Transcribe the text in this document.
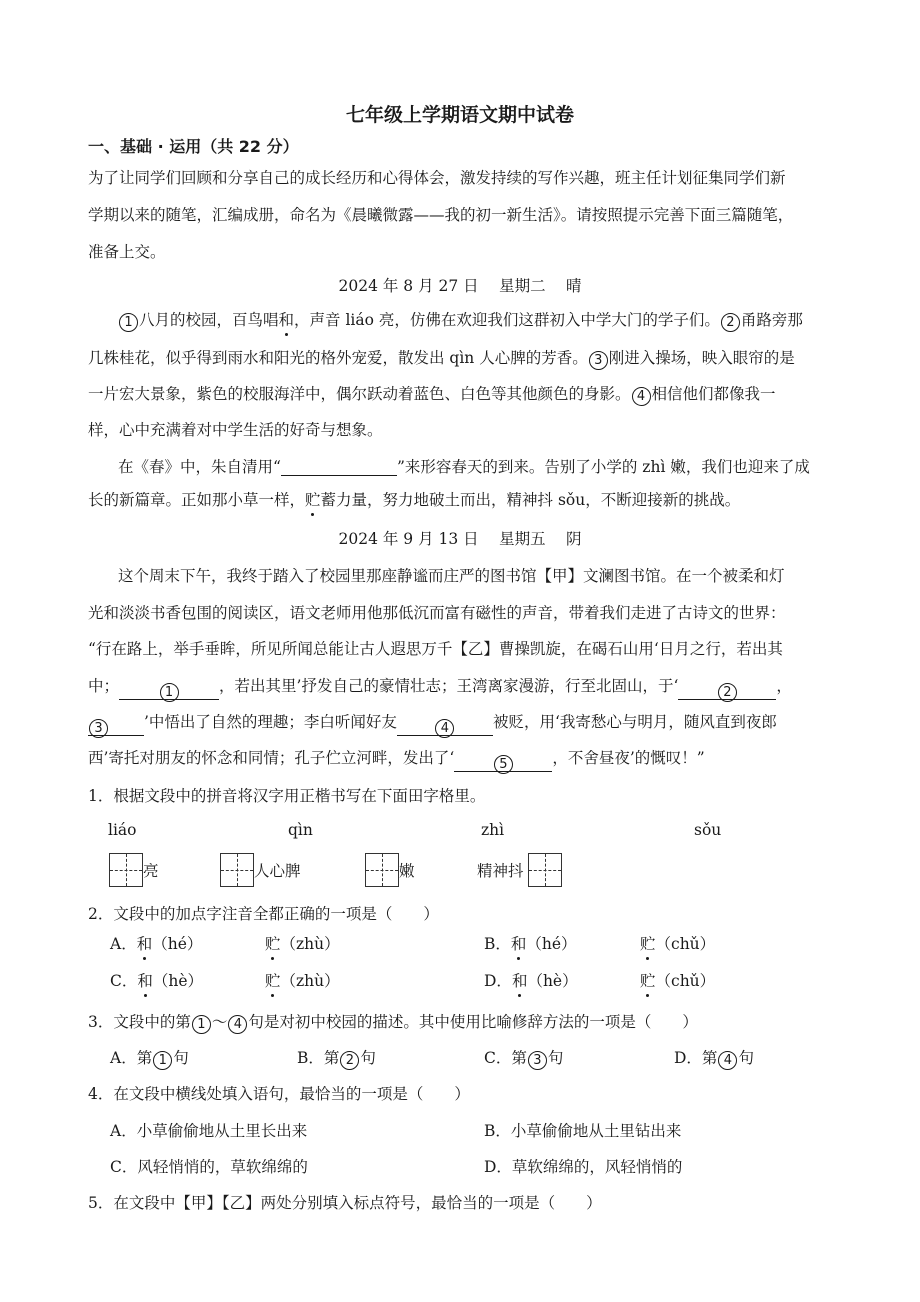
七年级上学期语文期中试卷
一、基础 · 运用（共 22 分）
为了让同学们回顾和分享自己的成长经历和心得体会，激发持续的写作兴趣，班主任计划征集同学们新
学期以来的随笔，汇编成册，命名为《晨曦微露——我的初一新生活》。请按照提示完善下面三篇随笔，
准备上交。
2024 年 8 月 27 日　 星期二　 晴
1 八月的校园，百鸟唱和，声音 liáo 亮，仿佛在欢迎我们这群初入中学大门的学子们。 2 甬路旁那
几株桂花，似乎得到雨水和阳光的格外宠爱，散发出 qìn 人心脾的芳香。 3 刚进入操场，映入眼帘的是
一片宏大景象，紫色的校服海洋中，偶尔跃动着蓝色、白色等其他颜色的身影。 4 相信他们都像我一
样，心中充满着对中学生活的好奇与想象。
在《春》中，朱自清用“	”来形容春天的到来。告别了小学的 zhì 嫩，我们也迎来了成
长的新篇章。正如那小草一样，贮蓄力量，努力地破土而出，精神抖 sǒu，不断迎接新的挑战。
2024 年 9 月 13 日　 星期五　 阴
这个周末下午，我终于踏入了校园里那座静谧而庄严的图书馆【甲】文澜图书馆。在一个被柔和灯
光和淡淡书香包围的阅读区，语文老师用他那低沉而富有磁性的声音，带着我们走进了古诗文的世界：
“行在路上，举手垂眸，所见所闻总能让古人遐思万千【乙】曹操凯旋，在碣石山用‘日月之行，若出其
中；	1	，若出其里’抒发自己的豪情壮志；王湾离家漫游，行至北固山，于‘	2	，
3	’中悟出了自然的理趣；李白听闻好友	4	被贬，用‘我寄愁心与明月，随风直到夜郎
西’寄托对朋友的怀念和同情；孔子伫立河畔，发出了‘	5	，不舍昼夜’的慨叹！”
1．根据文段中的拼音将汉字用正楷书写在下面田字格里。
liáo	qìn	zhì	sǒu
亮	人心脾	嫩	精神抖
2．文段中的加点字注音全都正确的一项是（　　）
A．和（hé）	贮（zhù）	B．和（hé）	贮（chǔ）
C．和（hè）	贮（zhù）	D．和（hè）	贮（chǔ）
3．文段中的第 1 ～ 4 句是对初中校园的描述。其中使用比喻修辞方法的一项是（　　）
A．第 1 句	B．第 2 句	C．第 3 句	D．第 4 句
4．在文段中横线处填入语句，最恰当的一项是（　　）
A．小草偷偷地从土里长出来	B．小草偷偷地从土里钻出来
C．风轻悄悄的，草软绵绵的	D．草软绵绵的，风轻悄悄的
5．在文段中【甲】【乙】两处分别填入标点符号，最恰当的一项是（　　）
